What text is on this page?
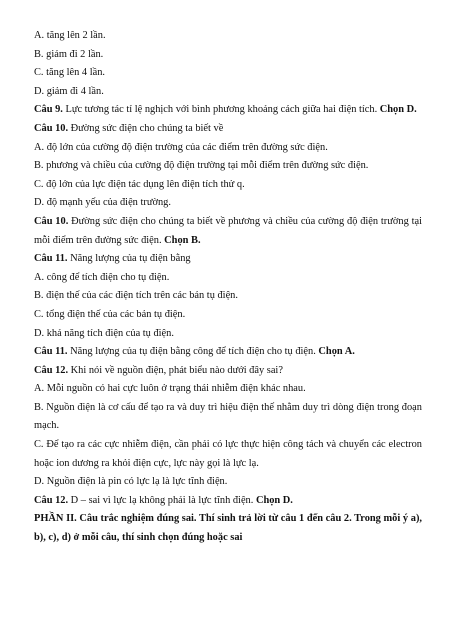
A. tăng lên 2 lần.
B. giảm đi 2 lần.
C. tăng lên 4 lần.
D. giảm đi 4 lần.
Câu 9. Lực tương tác tỉ lệ nghịch với bình phương khoảng cách giữa hai điện tích. Chọn D.
Câu 10. Đường sức điện cho chúng ta biết về
A. độ lớn của cường độ điện trường của các điểm trên đường sức điện.
B. phương và chiều của cường độ điện trường tại mỗi điểm trên đường sức điện.
C. độ lớn của lực điện tác dụng lên điện tích thử q.
D. độ mạnh yếu của điện trường.
Câu 10. Đường sức điện cho chúng ta biết về phương và chiều của cường độ điện trường tại mỗi điểm trên đường sức điện. Chọn B.
Câu 11. Năng lượng của tụ điện bằng
A. công để tích điện cho tụ điện.
B. điện thế của các điện tích trên các bản tụ điện.
C. tổng điện thế của các bản tụ điện.
D. khả năng tích điện của tụ điện.
Câu 11. Năng lượng của tụ điện bằng công để tích điện cho tụ điện. Chọn A.
Câu 12. Khi nói về nguồn điện, phát biểu nào dưới đây sai?
A. Mỗi nguồn có hai cực luôn ở trạng thái nhiễm điện khác nhau.
B. Nguồn điện là cơ cấu để tạo ra và duy trì hiệu điện thế nhằm duy trì dòng điện trong đoạn mạch.
C. Để tạo ra các cực nhiễm điện, cần phải có lực thực hiện công tách và chuyển các electron hoặc ion dương ra khỏi điện cực, lực này gọi là lực lạ.
D. Nguồn điện là pin có lực lạ là lực tĩnh điện.
Câu 12. D – sai vì lực lạ không phải là lực tĩnh điện. Chọn D.
PHẦN II. Câu trắc nghiệm đúng sai. Thí sinh trả lời từ câu 1 đến câu 2. Trong mỗi ý a), b), c), d) ở mỗi câu, thí sinh chọn đúng hoặc sai
